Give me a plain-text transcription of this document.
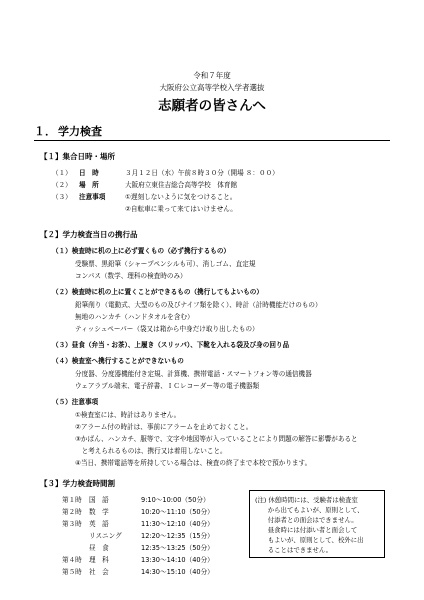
令和７年度
大阪府公立高等学校入学者選抜
志願者の皆さんへ
１． 学力検査
【１】集合日時・場所
（１） 日　時	３月１２日（水）午前８時３０分（開場 ８：００）
（２） 場　所	大阪府立東住吉総合高等学校　体育館
（３） 注意事項	①遅刻しないように気をつけること。
②自転車に乗って来てはいけません。
【２】学力検査当日の携行品
（１）検査時に机の上に必ず置くもの（必ず携行するもの）
受験票、黒鉛筆（シャープペンシルも可）、消しゴム、直定規
コンパス（数学、理科の検査時のみ）
（２）検査時に机の上に置くことができるもの（携行してもよいもの）
鉛筆削り（電動式、大型のもの及びナイフ類を除く）、時計（計時機能だけのもの）
無地のハンカチ（ハンドタオルを含む）
ティッシュペーパー（袋又は箱から中身だけ取り出したもの）
（３）昼食（弁当・お茶）、上履き（スリッパ）、下靴を入れる袋及び身の回り品
（４）検査室へ携行することができないもの
分度器、分度器機能付き定規、計算機、携帯電話・スマートフォン等の通信機器
ウェアラブル端末、電子辞書、ＩＣレコーダー等の電子機器類
（５）注意事項
①検査室には、時計はありません。
②アラーム付の時計は、事前にアラームを止めておくこと。
③かばん、ハンカチ、服等で、文字や地図等が入っていることにより問題の解答に影響があると
　と考えられるものは、携行又は着用しないこと。
④当日、携帯電話等を所持している場合は、検査の終了まで本校で預かります。
【３】学力検査時間割
第１時 国　語	9:10〜10:00（50分）
第２時 数　学	10:20〜11:10（50分）
第３時 英　語	11:30〜12:10（40分）
リスニング	12:20〜12:35（15分）
昼　食	12:35〜13:25（50分）
第４時 理　科	13:30〜14:10（40分）
第５時 社　会	14:30〜15:10（40分）
(注) 休憩時間には、受験者は検査室
　　から出てもよいが、原則として、
　　付添者との面会はできません。
　　昼食時には付添い者と面会して
　　もよいが、原則として、校外に出
　　ることはできません。
